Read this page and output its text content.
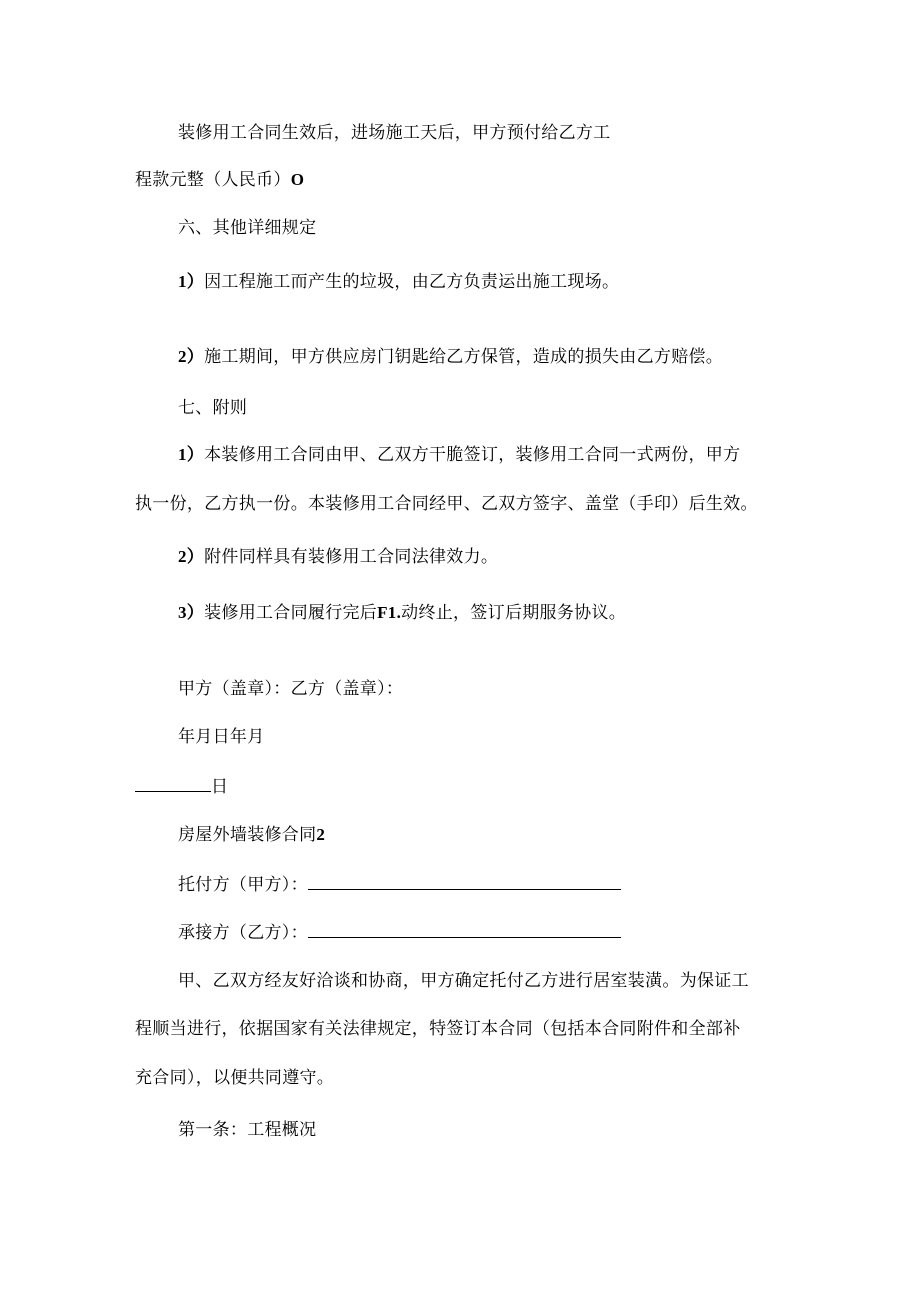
装修用工合同生效后，进场施工天后，甲方预付给乙方工
程款元整（人民币）O
六、其他详细规定
1）因工程施工而产生的垃圾，由乙方负责运出施工现场。
2）施工期间，甲方供应房门钥匙给乙方保管，造成的损失由乙方赔偿。
七、附则
1）本装修用工合同由甲、乙双方干脆签订，装修用工合同一式两份，甲方
执一份，乙方执一份。本装修用工合同经甲、乙双方签字、盖堂（手印）后生效。
2）附件同样具有装修用工合同法律效力。
3）装修用工合同履行完后F1.动终止，签订后期服务协议。
甲方（盖章）：乙方（盖章）：
年月日年月
日
房屋外墙装修合同2
托付方（甲方）：
承接方（乙方）：
甲、乙双方经友好洽谈和协商，甲方确定托付乙方进行居室装潢。为保证工
程顺当进行，依据国家有关法律规定，特签订本合同（包括本合同附件和全部补
充合同），以便共同遵守。
第一条：工程概况
